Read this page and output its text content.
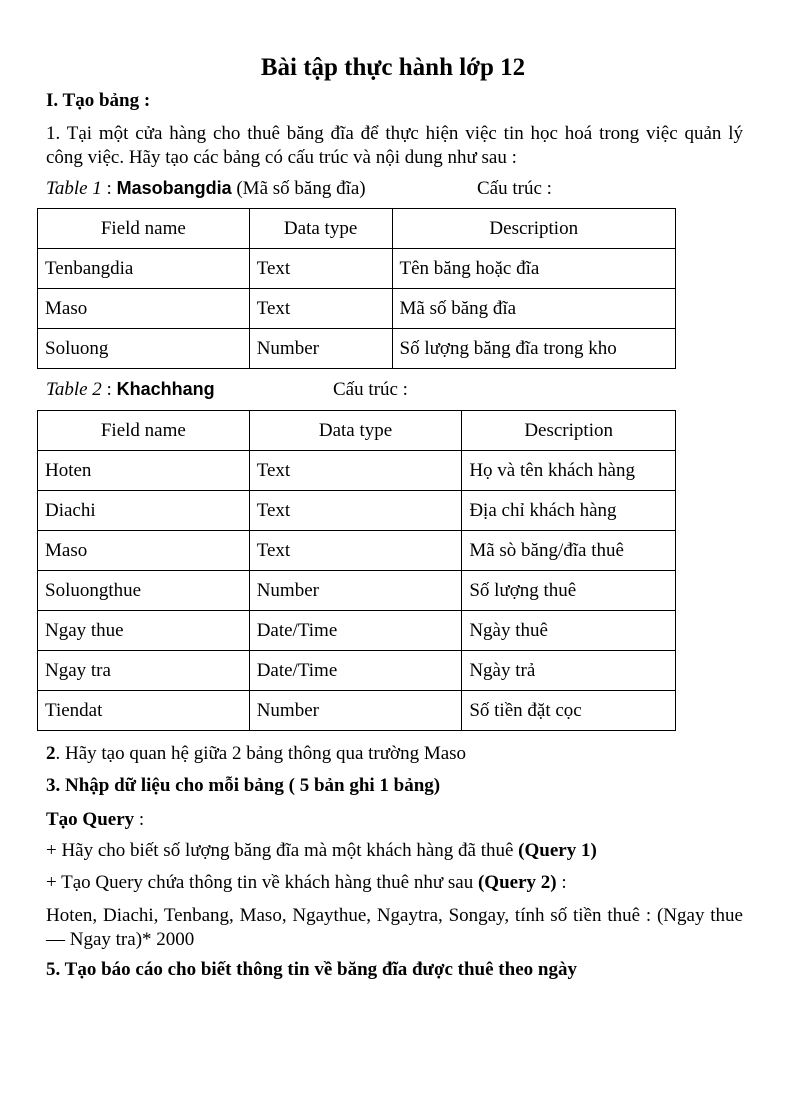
Bài tập thực hành lớp 12
I. Tạo bảng :
1. Tại một cửa hàng cho thuê băng đĩa để thực hiện việc tin học hoá trong việc quản lý công việc. Hãy tạo các bảng có cấu trúc và nội dung như sau :
Table 1 : Masobangdia (Mã số băng đĩa)	Cấu trúc :
Field name	Data type	Description
Tenbangdia	Text	Tên băng hoặc đĩa
Maso	Text	Mã số băng đĩa
Soluong	Number	Số lượng băng đĩa trong kho
Table 2 : Khachhang	Cấu trúc :
Field name	Data type	Description
Hoten	Text	Họ và tên khách hàng
Diachi	Text	Địa chỉ khách hàng
Maso	Text	Mã sò băng/đĩa thuê
Soluongthue	Number	Số lượng thuê
Ngay thue	Date/Time	Ngày thuê
Ngay tra	Date/Time	Ngày trả
Tiendat	Number	Số tiền đặt cọc
2. Hãy tạo quan hệ giữa 2 bảng thông qua trường Maso
3. Nhập dữ liệu cho mỗi bảng ( 5 bản ghi 1 bảng)
Tạo Query :
+ Hãy cho biết số lượng băng đĩa mà một khách hàng đã thuê (Query 1)
+ Tạo Query chứa thông tin về khách hàng thuê như sau (Query 2) :
Hoten, Diachi, Tenbang, Maso, Ngaythue, Ngaytra, Songay, tính số tiền thuê : (Ngay thue — Ngay tra)* 2000
5. Tạo báo cáo cho biết thông tin về băng đĩa được thuê theo ngày
